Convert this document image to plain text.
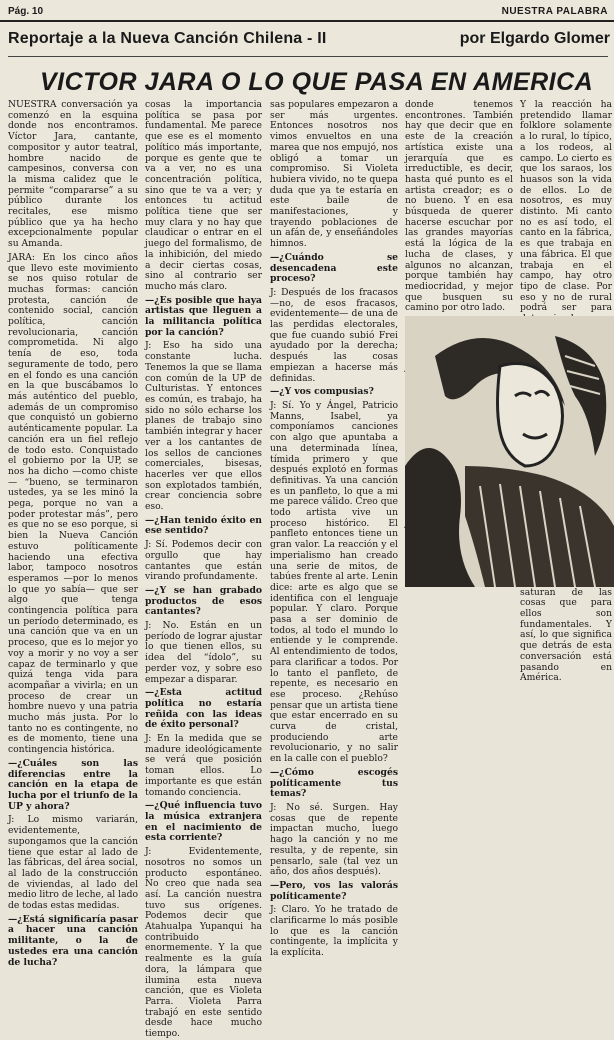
Pág. 10	NUESTRA PALABRA
Reportaje a la Nueva Canción Chilena - II	por Elgardo Glomer
VICTOR JARA O LO QUE PASA EN AMERICA

NUESTRA conversación ya comenzó en la esquina donde nos encontramos. Víctor Jara, cantante, compositor y autor teatral, hombre nacido de campesinos, conversa con la misma calidez que le permite “compararse” a su público durante los recitales, ese mismo público que ya ha hecho excepcionalmente popular su Amanda.

JARA: En los cinco años que llevo este movimiento se nos quiso rotular de muchas formas: canción protesta, canción de contenido social, canción política, canción revolucionaria, canción comprometida. Ni algo tenía de eso, toda seguramente de todo, pero en el fondo es una canción en la que buscábamos lo más auténtico del pueblo, además de un compromiso que conquistó un gobierno auténticamente popular. La canción era un fiel reflejo de todo esto. Conquistado el gobierno por la UP, se nos ha dicho —como chiste— “bueno, se terminaron ustedes, ya se les minó la pega, porque no van a poder protestar más”, pero es que no se eso porque, si bien la Nueva Canción estuvo políticamente haciendo una efectiva labor, tampoco nosotros esperamos —por lo menos lo que yo sabía— que ser algo que tenga contingencia política para un período determinado, es una canción que va en un proceso, que es lo mejor yo voy a morir y no voy a ser capaz de terminarlo y que quizá tenga vida para acompañar a vivirla; en un proceso de crear un hombre nuevo y una patria mucho más justa. Por lo tanto no es contingente, no es de momento, tiene una contingencia histórica.

—¿Cuáles son las diferencias entre la canción en la etapa de lucha por el triunfo de la UP y ahora?

J: Lo mismo variarán, evidentemente, supongamos que la canción tiene que estar al lado de las fábricas, del área social, al lado de la construcción de viviendas, al lado del medio litro de leche, al lado de todas estas medidas.

—¿Está significaría pasar a hacer una canción militante, o la de ustedes era una canción de lucha?

cosas la importancia política se pasa por fundamental. Me parece que ese es el momento político más importante, porque es gente que te va a ver, no es una concentración política, sino que te va a ver; y entonces tu actitud política tiene que ser muy clara y no hay que claudicar o entrar en el juego del formalismo, de la inhibición, del miedo a decir ciertas cosas, sino al contrario ser mucho más claro.

—¿Es posible que haya artistas que lleguen a la militancia política por la canción?

J: Eso ha sido una constante lucha. Tenemos la que se llama con común de la UP de Culturistas. Y entonces es común, es trabajo, ha sido no sólo echarse los planes de trabajo sino también integrar y hacer ver a los cantantes de los sellos de canciones comerciales, bisesas, hacerles ver que ellos son explotados también, crear conciencia sobre eso.

—¿Han tenido éxito en ese sentido?

J: Sí. Podemos decir con orgullo que hay cantantes que están virando profundamente.

—¿Y se han grabado productos de esos cantantes?

J: No. Están en un período de lograr ajustar lo que tienen ellos, su idea del “ídolo”, su perder voz, y sobre eso empezar a disparar.

—¿Esta actitud política no estaría reñida con las ideas de éxito personal?

J: En la medida que se madure ideológicamente se verá que posición toman ellos. Lo importante es que están tomando conciencia.

—¿Qué influencia tuvo la música extranjera en el nacimiento de esta corriente?

J: Evidentemente, nosotros no somos un producto espontáneo. No creo que nada sea así. La canción nuestra tuvo sus orígenes. Podemos decir que Atahualpa Yupanqui ha contribuido enormemente. Y la que realmente es la guía dora, la lámpara que ilumina esta nueva canción, que es Violeta Parra. Violeta Parra trabajó en este sentido desde hace mucho tiempo.

sas populares empezaron a ser más urgentes. Entonces nosotros nos vimos envueltos en una marea que nos empujó, nos obligó a tomar un compromiso. Si Violeta hubiera vivido, no te quepa duda que ya te estaría en este baile de manifestaciones, y trayendo poblaciones de un afán de, y enseñándoles himnos.

—¿Cuándo se desencadena este proceso?

J: Después de los fracasos —no, de esos fracasos, evidentemente— de una de las perdidas electorales, que fue cuando subió Frei ayudado por la derecha; después las cosas empiezan a hacerse más definidas.

—¿Y vos compusias?

J: Sí. Yo y Ángel, Patricio Manns, Isabel, ya componíamos canciones con algo que apuntaba a una determinada línea, tímida primero y que después explotó en formas definitivas. Ya una canción es un panfleto, lo que a mi me parece válido. Creo que todo artista vive un proceso histórico. El panfleto entonces tiene un gran valor. La reacción y el imperialismo han creado una serie de mitos, de tabúes frente al arte. Lenin dice: arte es algo que se identifica con el lenguaje popular. Y claro. Porque pasa a ser dominio de todos, al todo el mundo lo entiende y le comprende. Al entendimiento de todos, para clarificar a todos. Por lo tanto el panfleto, de repente, es necesario en ese proceso. ¿Rehúso pensar que un artista tiene que estar encerrado en su curva de cristal, produciendo arte revolucionario, y no salir en la calle con el pueblo?

—¿Cómo escogés políticamente tus temas?

J: No sé. Surgen. Hay cosas que de repente impactan mucho, luego hago la canción y no me resulta, y de repente, sin pensarlo, sale (tal vez un año, dos años después).

—Pero, vos las valorás políticamente?

J: Claro. Yo he tratado de clarificarme lo más posible lo que es la canción contingente, la implícita y la explícita.

donde tenemos encontrones. También hay que decir que en este de la creación artística existe una jerarquía que es irreductible, es decir, hasta qué punto es el artista creador; es o no bueno. Y en esa búsqueda de querer hacerse escuchar por las grandes mayorías está la lógica de la lucha de clases, y algunos no alcanzan, porque también hay mediocridad, y mejor que busquen su camino por otro lado.

Y la reacción ha pretendido llamar folklore solamente a lo rural, lo típico, a los rodeos, al campo. Lo cierto es que los saraos, los huasos son la vida de ellos. Lo de nosotros, es muy distinto. Mi canto no es así todo, el canto en la fábrica, es que trabaja en una fábrica. El que trabaja en el campo, hay otro tipo de clase. Por eso y no de rural podrá ser para

saturan de las cosas que para ellos son fundamentales. Y así, lo que significa que detrás de esta conversación está pasando en América.
